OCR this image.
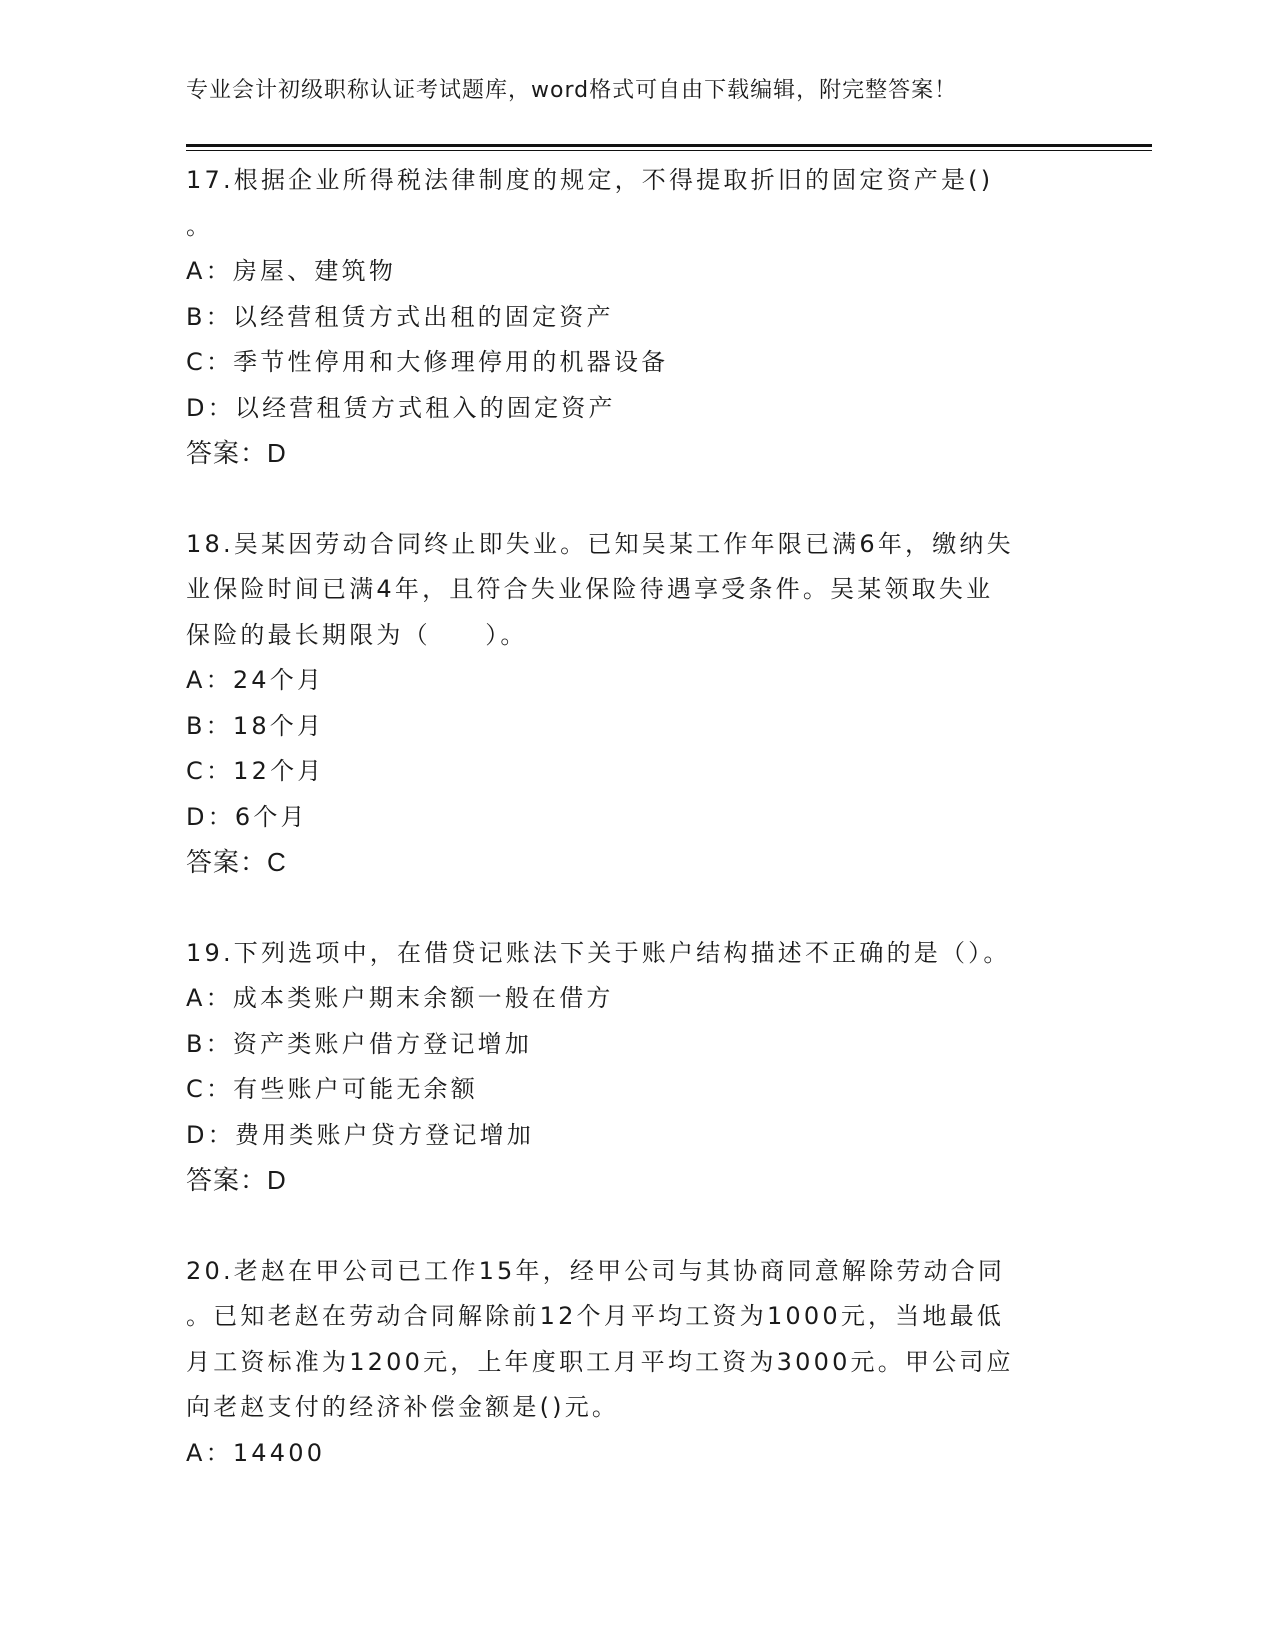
专业会计初级职称认证考试题库，word格式可自由下载编辑，附完整答案！
17.根据企业所得税法律制度的规定，不得提取折旧的固定资产是()
。
A：房屋、建筑物
B：以经营租赁方式出租的固定资产
C：季节性停用和大修理停用的机器设备
D：以经营租赁方式租入的固定资产
答案：D
18.吴某因劳动合同终止即失业。已知吴某工作年限已满6年，缴纳失
业保险时间已满4年，且符合失业保险待遇享受条件。吴某领取失业
保险的最长期限为（　　）。
A：24个月
B：18个月
C：12个月
D：6个月
答案：C
19.下列选项中，在借贷记账法下关于账户结构描述不正确的是（）。
A：成本类账户期末余额一般在借方
B：资产类账户借方登记增加
C：有些账户可能无余额
D：费用类账户贷方登记增加
答案：D
20.老赵在甲公司已工作15年，经甲公司与其协商同意解除劳动合同
。已知老赵在劳动合同解除前12个月平均工资为1000元，当地最低
月工资标准为1200元，上年度职工月平均工资为3000元。甲公司应
向老赵支付的经济补偿金额是()元。
A：14400
